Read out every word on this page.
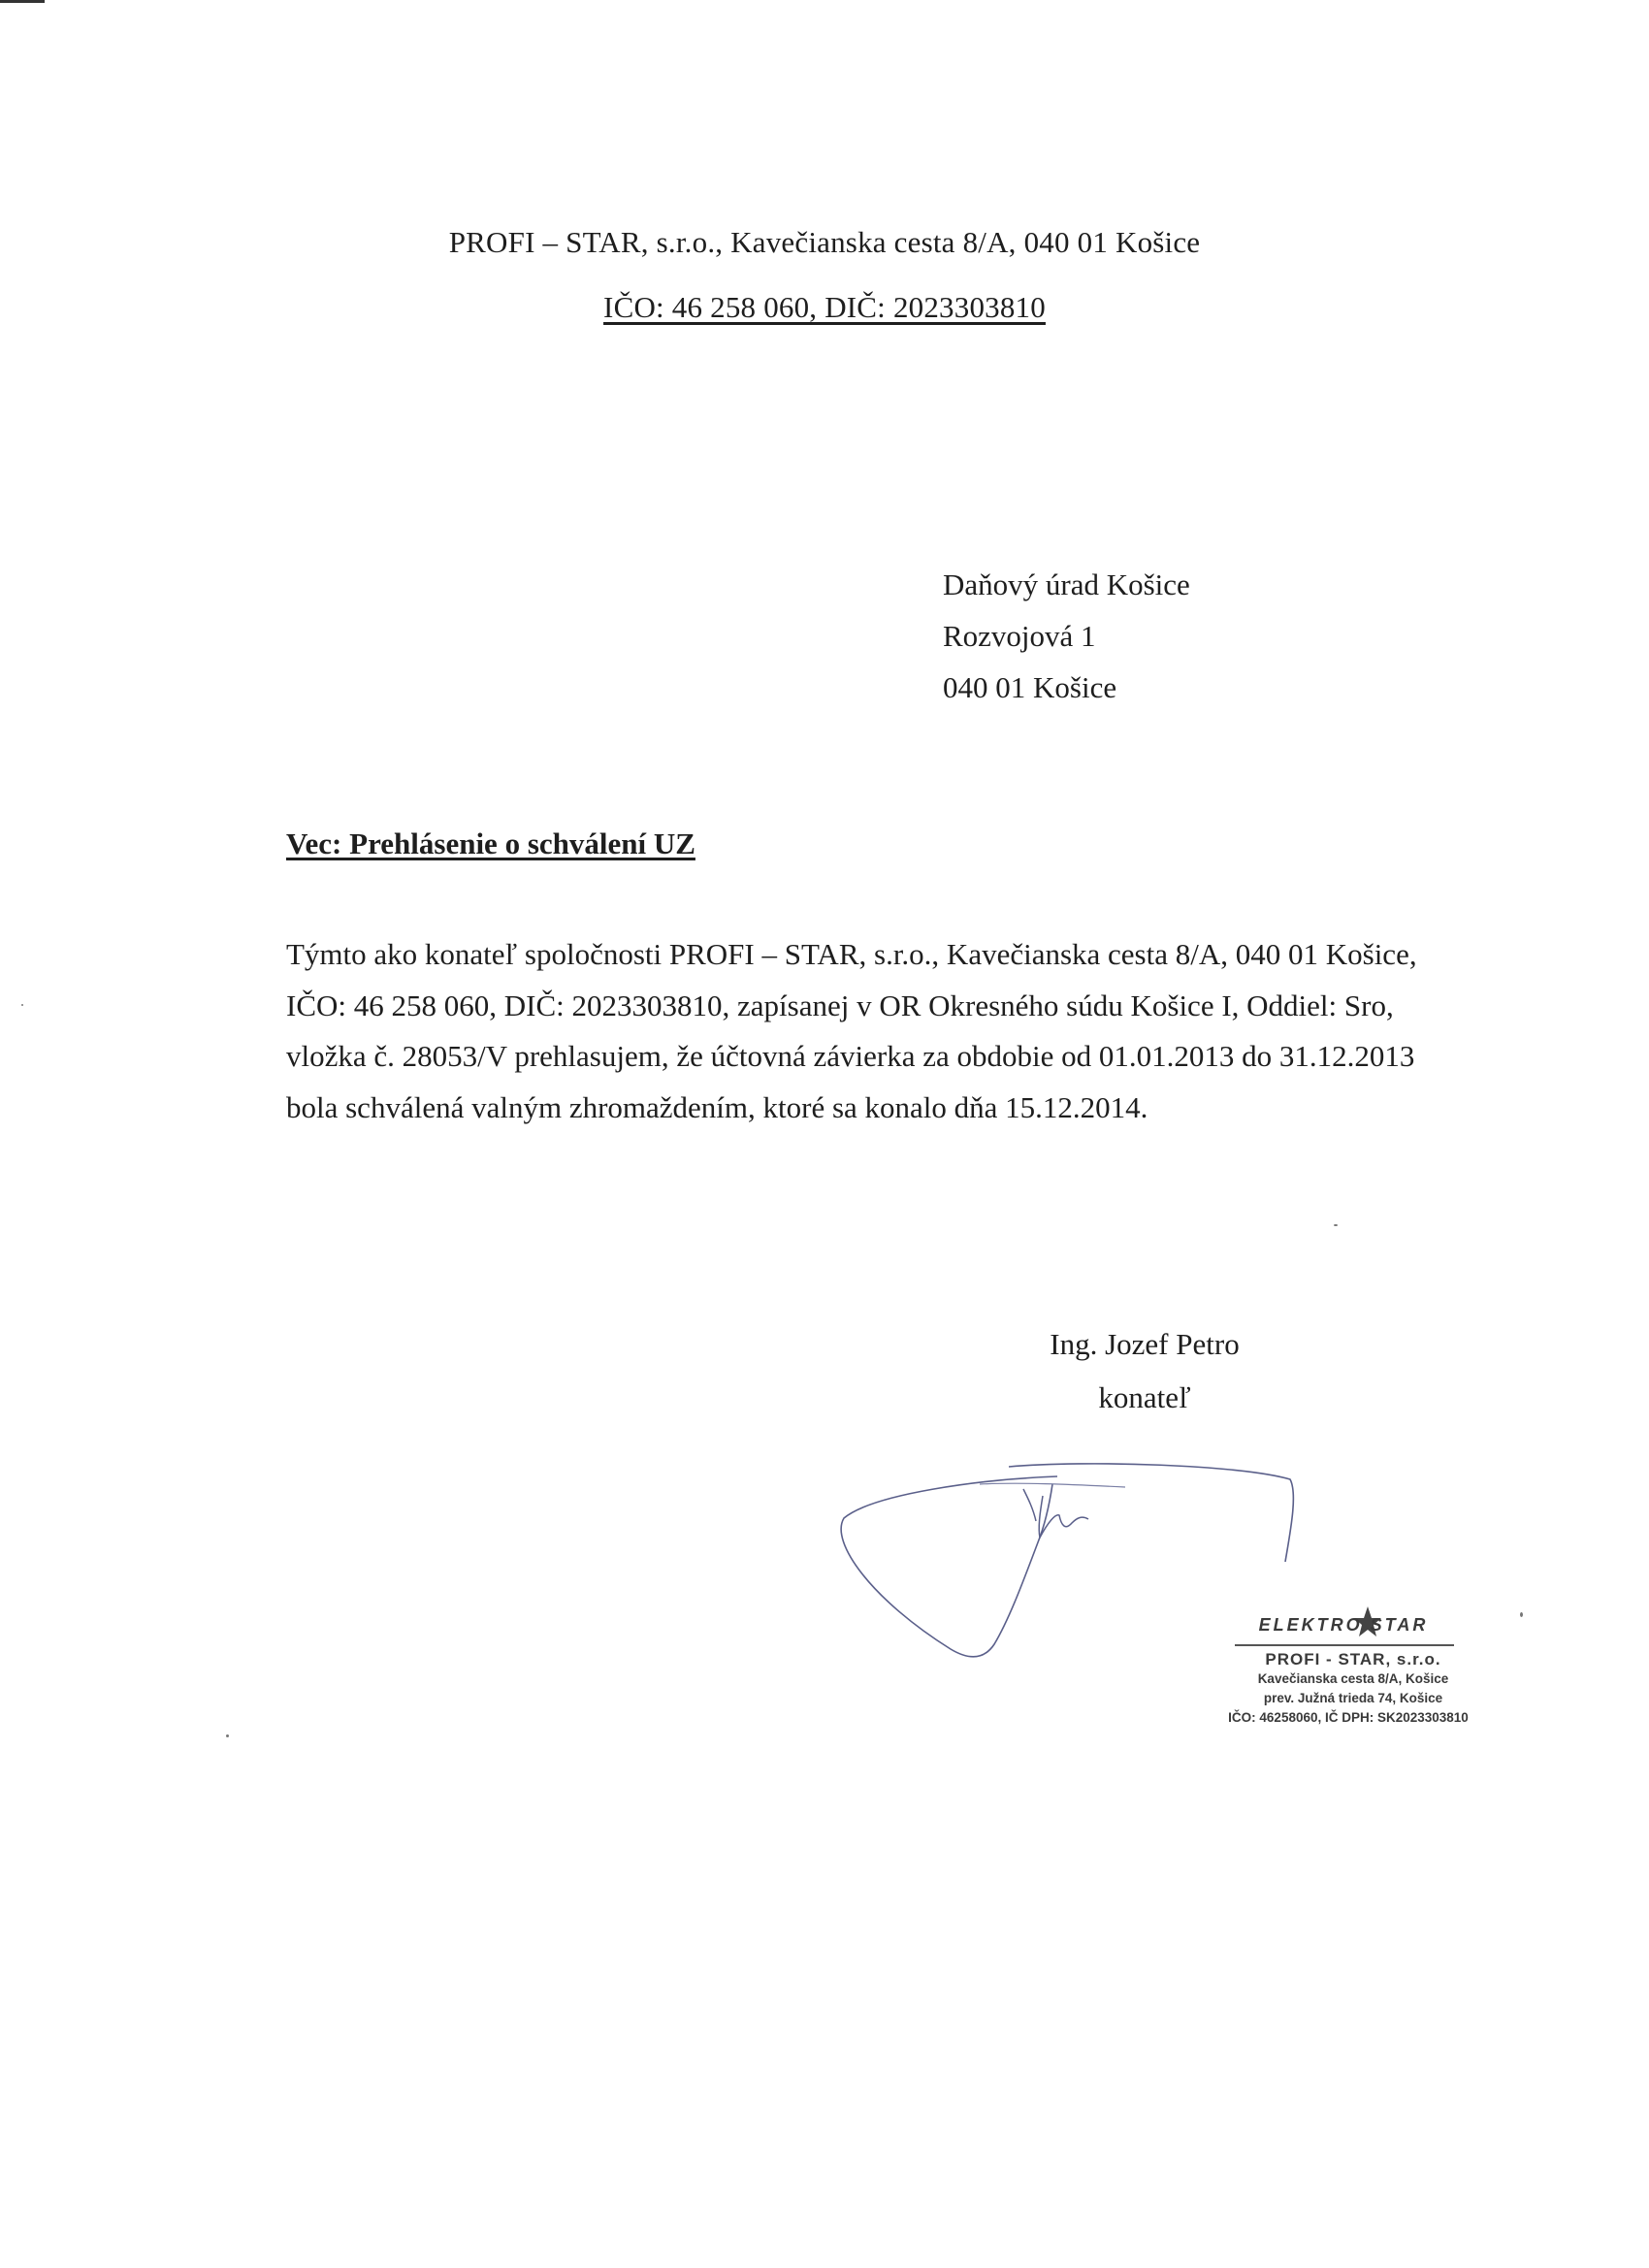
PROFI – STAR, s.r.o., Kavečianska cesta 8/A, 040 01 Košice
IČO: 46 258 060, DIČ: 2023303810
Daňový úrad Košice
Rozvojová 1
040 01 Košice
Vec: Prehlásenie o schválení UZ
Týmto ako konateľ spoločnosti PROFI – STAR, s.r.o., Kavečianska cesta 8/A, 040 01 Košice,
IČO: 46 258 060, DIČ: 2023303810, zapísanej v OR Okresného súdu Košice I, Oddiel: Sro,
vložka č. 28053/V prehlasujem, že účtovná závierka za obdobie od 01.01.2013 do 31.12.2013
bola schválená valným zhromaždením, ktoré sa konalo dňa 15.12.2014.
Ing. Jozef Petro
konateľ
ELEKTRO STAR
PROFI - STAR, s.r.o.
Kavečianska cesta 8/A, Košice
prev. Južná trieda 74, Košice
IČO: 46258060, IČ DPH: SK2023303810
